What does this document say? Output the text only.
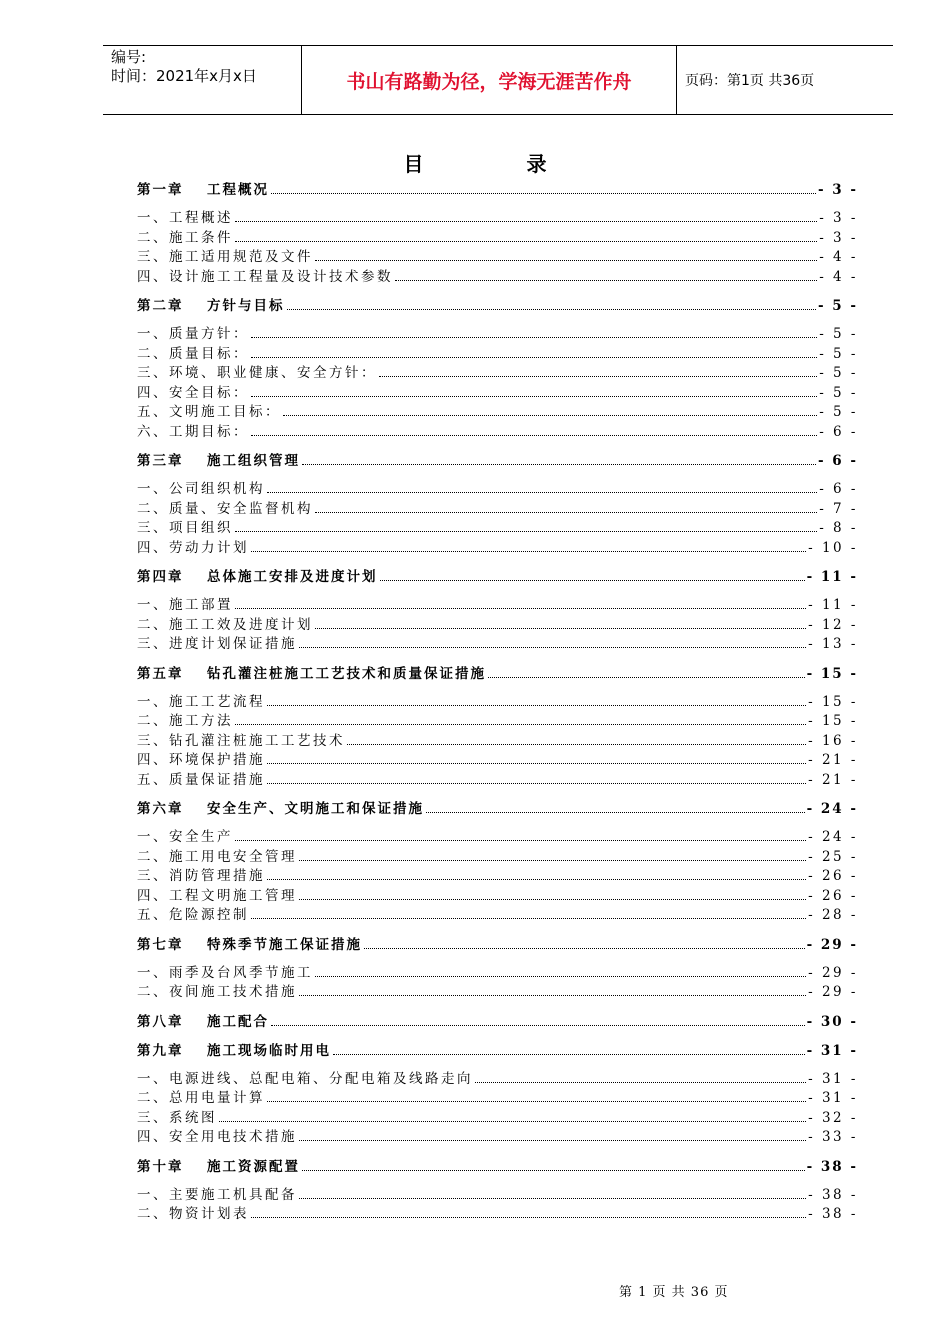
编号:
时间：2021年x月x日	书山有路勤为径，学海无涯苦作舟	页码：第1页 共36页
目 录
第一章 工程概况	- 3 -
一、工程概述	- 3 -
二、施工条件	- 3 -
三、施工适用规范及文件	- 4 -
四、设计施工工程量及设计技术参数	- 4 -
第二章 方针与目标	- 5 -
一、质量方针：	- 5 -
二、质量目标：	- 5 -
三、环境、职业健康、安全方针：	- 5 -
四、安全目标：	- 5 -
五、文明施工目标：	- 5 -
六、工期目标：	- 6 -
第三章 施工组织管理	- 6 -
一、公司组织机构	- 6 -
二、质量、安全监督机构	- 7 -
三、项目组织	- 8 -
四、劳动力计划	- 10 -
第四章 总体施工安排及进度计划	- 11 -
一、施工部置	- 11 -
二、施工工效及进度计划	- 12 -
三、进度计划保证措施	- 13 -
第五章 钻孔灌注桩施工工艺技术和质量保证措施	- 15 -
一、施工工艺流程	- 15 -
二、施工方法	- 15 -
三、钻孔灌注桩施工工艺技术	- 16 -
四、环境保护措施	- 21 -
五、质量保证措施	- 21 -
第六章 安全生产、文明施工和保证措施	- 24 -
一、安全生产	- 24 -
二、施工用电安全管理	- 25 -
三、消防管理措施	- 26 -
四、工程文明施工管理	- 26 -
五、危险源控制	- 28 -
第七章 特殊季节施工保证措施	- 29 -
一、雨季及台风季节施工	- 29 -
二、夜间施工技术措施	- 29 -
第八章 施工配合	- 30 -
第九章 施工现场临时用电	- 31 -
一、电源进线、总配电箱、分配电箱及线路走向	- 31 -
二、总用电量计算	- 31 -
三、系统图	- 32 -
四、安全用电技术措施	- 33 -
第十章 施工资源配置	- 38 -
一、主要施工机具配备	- 38 -
二、物资计划表	- 38 -
第 1 页 共 36 页
